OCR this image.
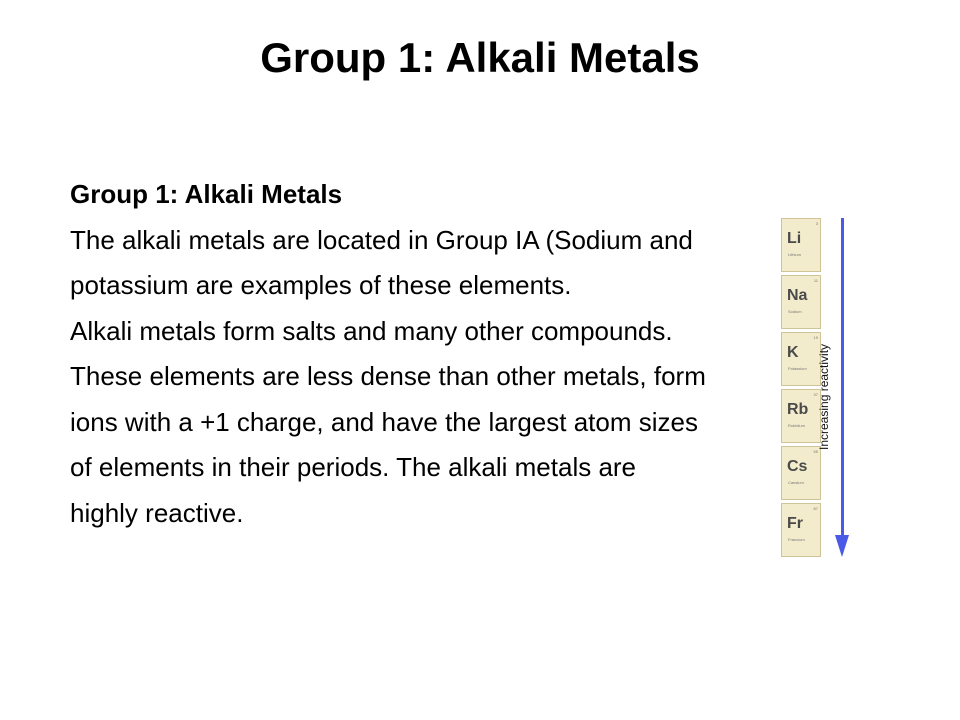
Group 1: Alkali Metals
Group 1: Alkali Metals

The alkali metals are located in Group IA (Sodium and potassium are examples of these elements.

Alkali metals form salts and many other compounds.

These elements are less dense than other metals, form ions with a +1 charge, and have the largest atom sizes of elements in their periods. The alkali metals are highly reactive.

3
Li
Lithium
11
Na
Sodium
19
K
Potassium
37
Rb
Rubidium
55
Cs
Caesium
87
Fr
Francium
Increasing reactivity
